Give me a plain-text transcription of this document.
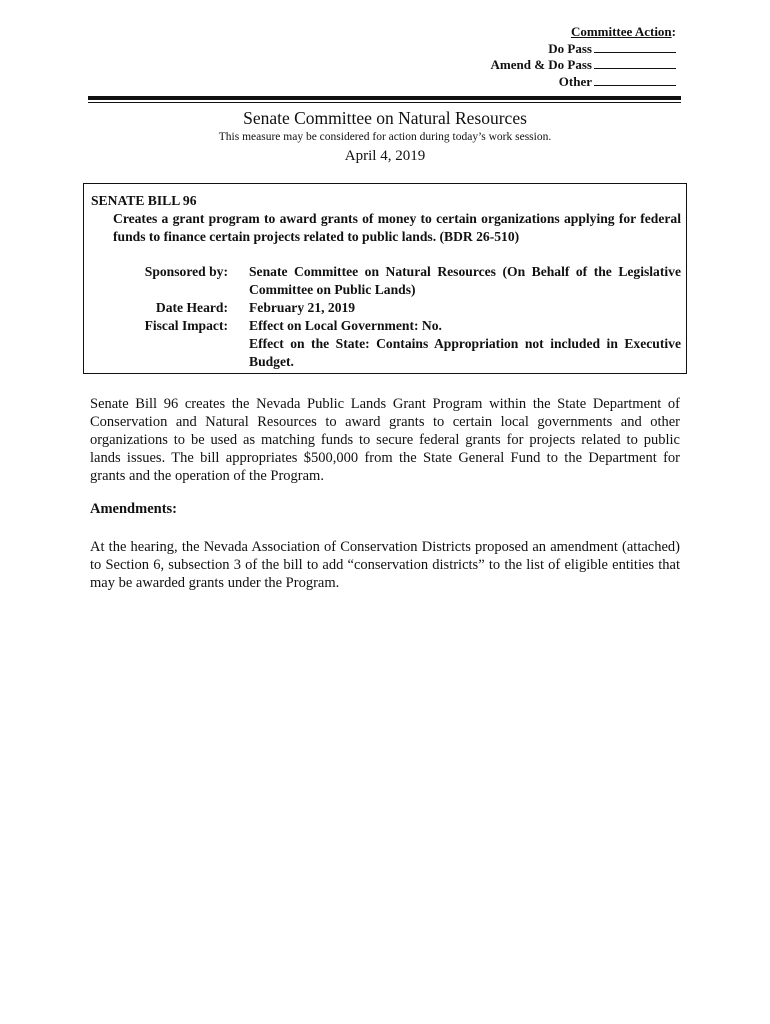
Committee Action:
Do Pass
Amend & Do Pass
Other
Senate Committee on Natural Resources
This measure may be considered for action during today’s work session.
April 4, 2019
SENATE BILL 96
Creates a grant program to award grants of money to certain organizations applying for federal funds to finance certain projects related to public lands. (BDR 26-510)
Sponsored by: Senate Committee on Natural Resources (On Behalf of the Legislative Committee on Public Lands)
Date Heard: February 21, 2019
Fiscal Impact: Effect on Local Government: No.
Effect on the State: Contains Appropriation not included in Executive Budget.
Senate Bill 96 creates the Nevada Public Lands Grant Program within the State Department of Conservation and Natural Resources to award grants to certain local governments and other organizations to be used as matching funds to secure federal grants for projects related to public lands issues. The bill appropriates $500,000 from the State General Fund to the Department for grants and the operation of the Program.
Amendments:
At the hearing, the Nevada Association of Conservation Districts proposed an amendment (attached) to Section 6, subsection 3 of the bill to add “conservation districts” to the list of eligible entities that may be awarded grants under the Program.
